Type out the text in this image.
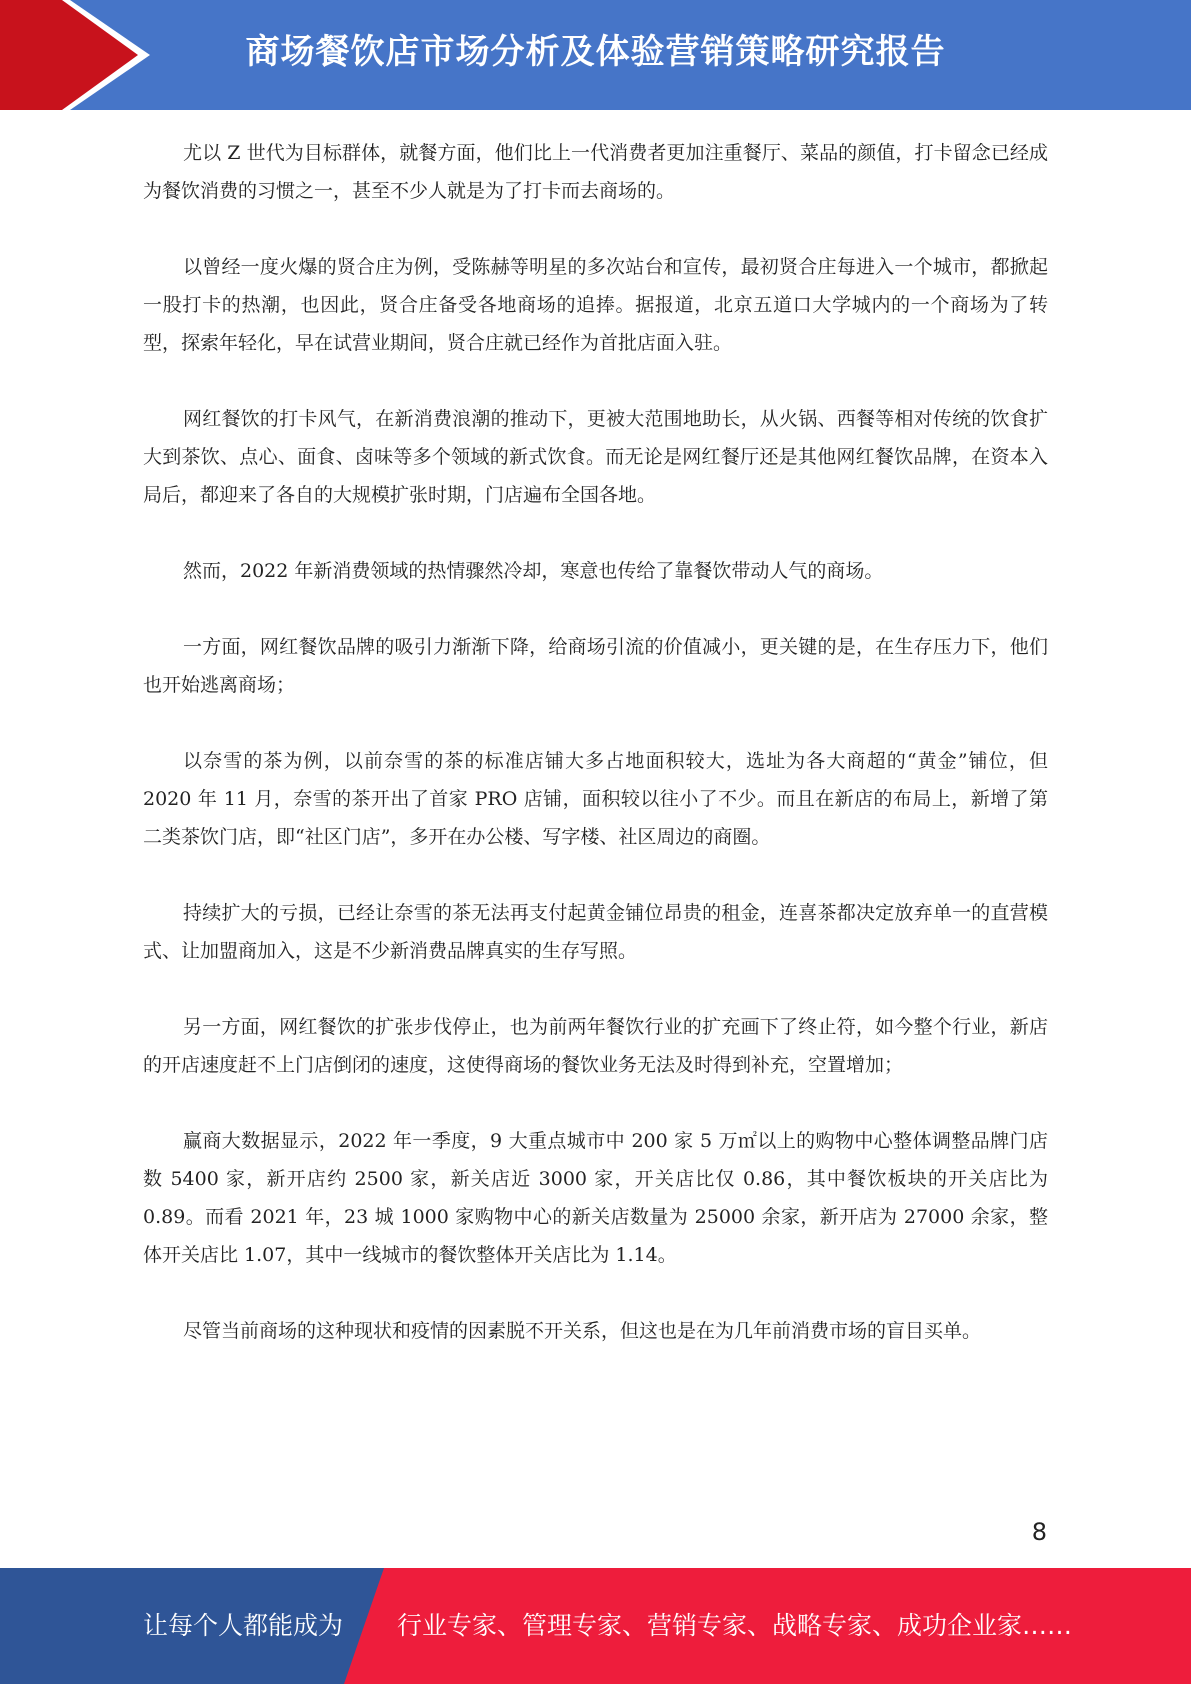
商场餐饮店市场分析及体验营销策略研究报告

尤以 Z 世代为目标群体，就餐方面，他们比上一代消费者更加注重餐厅、菜品的颜值，打卡留念已经成为餐饮消费的习惯之一，甚至不少人就是为了打卡而去商场的。

以曾经一度火爆的贤合庄为例，受陈赫等明星的多次站台和宣传，最初贤合庄每进入一个城市，都掀起一股打卡的热潮，也因此，贤合庄备受各地商场的追捧。据报道，北京五道口大学城内的一个商场为了转型，探索年轻化，早在试营业期间，贤合庄就已经作为首批店面入驻。

网红餐饮的打卡风气，在新消费浪潮的推动下，更被大范围地助长，从火锅、西餐等相对传统的饮食扩大到茶饮、点心、面食、卤味等多个领域的新式饮食。而无论是网红餐厅还是其他网红餐饮品牌，在资本入局后，都迎来了各自的大规模扩张时期，门店遍布全国各地。

然而，2022 年新消费领域的热情骤然冷却，寒意也传给了靠餐饮带动人气的商场。

一方面，网红餐饮品牌的吸引力渐渐下降，给商场引流的价值减小，更关键的是，在生存压力下，他们也开始逃离商场；

以奈雪的茶为例，以前奈雪的茶的标准店铺大多占地面积较大，选址为各大商超的“黄金”铺位，但 2020 年 11 月，奈雪的茶开出了首家 PRO 店铺，面积较以往小了不少。而且在新店的布局上，新增了第二类茶饮门店，即“社区门店”，多开在办公楼、写字楼、社区周边的商圈。

持续扩大的亏损，已经让奈雪的茶无法再支付起黄金铺位昂贵的租金，连喜茶都决定放弃单一的直营模式、让加盟商加入，这是不少新消费品牌真实的生存写照。

另一方面，网红餐饮的扩张步伐停止，也为前两年餐饮行业的扩充画下了终止符，如今整个行业，新店的开店速度赶不上门店倒闭的速度，这使得商场的餐饮业务无法及时得到补充，空置增加；

赢商大数据显示，2022 年一季度，9 大重点城市中 200 家 5 万㎡以上的购物中心整体调整品牌门店数 5400 家，新开店约 2500 家，新关店近 3000 家，开关店比仅 0.86，其中餐饮板块的开关店比为 0.89。而看 2021 年，23 城 1000 家购物中心的新关店数量为 25000 余家，新开店为 27000 余家，整体开关店比 1.07，其中一线城市的餐饮整体开关店比为 1.14。

尽管当前商场的这种现状和疫情的因素脱不开关系，但这也是在为几年前消费市场的盲目买单。

8
让每个人都能成为 行业专家、管理专家、营销专家、战略专家、成功企业家……
